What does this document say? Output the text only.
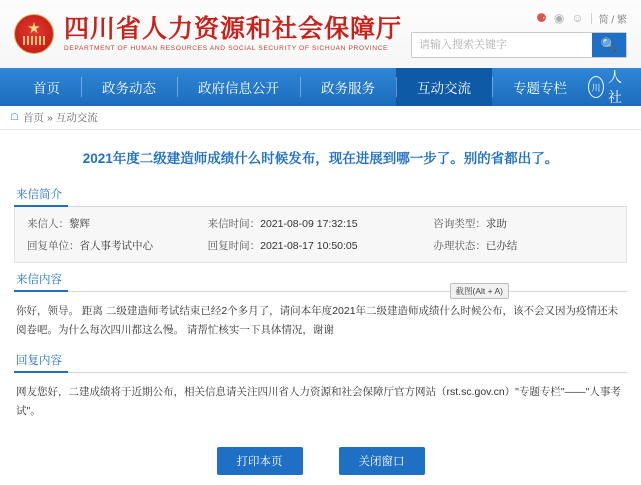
★
四川省人力资源和社会保障厅
DEPARTMENT OF HUMAN RESOURCES AND SOCIAL SECURITY OF SICHUAN PROVINCE
⚈ ◉ ☺ 简 / 繁
请输入搜索关键字
🔍
首页	政务动态	政府信息公开	政务服务	互动交流	专题专栏	川
人社
☖ 首页 » 互动交流
2021年度二级建造师成绩什么时候发布，现在进展到哪一步了。别的省都出了。
来信简介
来信人：黎辉	来信时间：2021-08-09 17:32:15	咨询类型：求助
回复单位：省人事考试中心	回复时间：2021-08-17 10:50:05	办理状态：已办结
来信内容
截图(Alt + A)

你好，领导。 距离 二级建造师考试结束已经2个多月了，请问本年度2021年二级建造师成绩什么时候公布，该不会又因为疫情还未阅卷吧。为什么每次四川都这么慢。 请帮忙核实一下具体情况，谢谢

回复内容

网友您好，二建成绩将于近期公布，相关信息请关注四川省人力资源和社会保障厅官方网站（rst.sc.gov.cn）"专题专栏"——"人事考试"。

打印本页	关闭窗口
